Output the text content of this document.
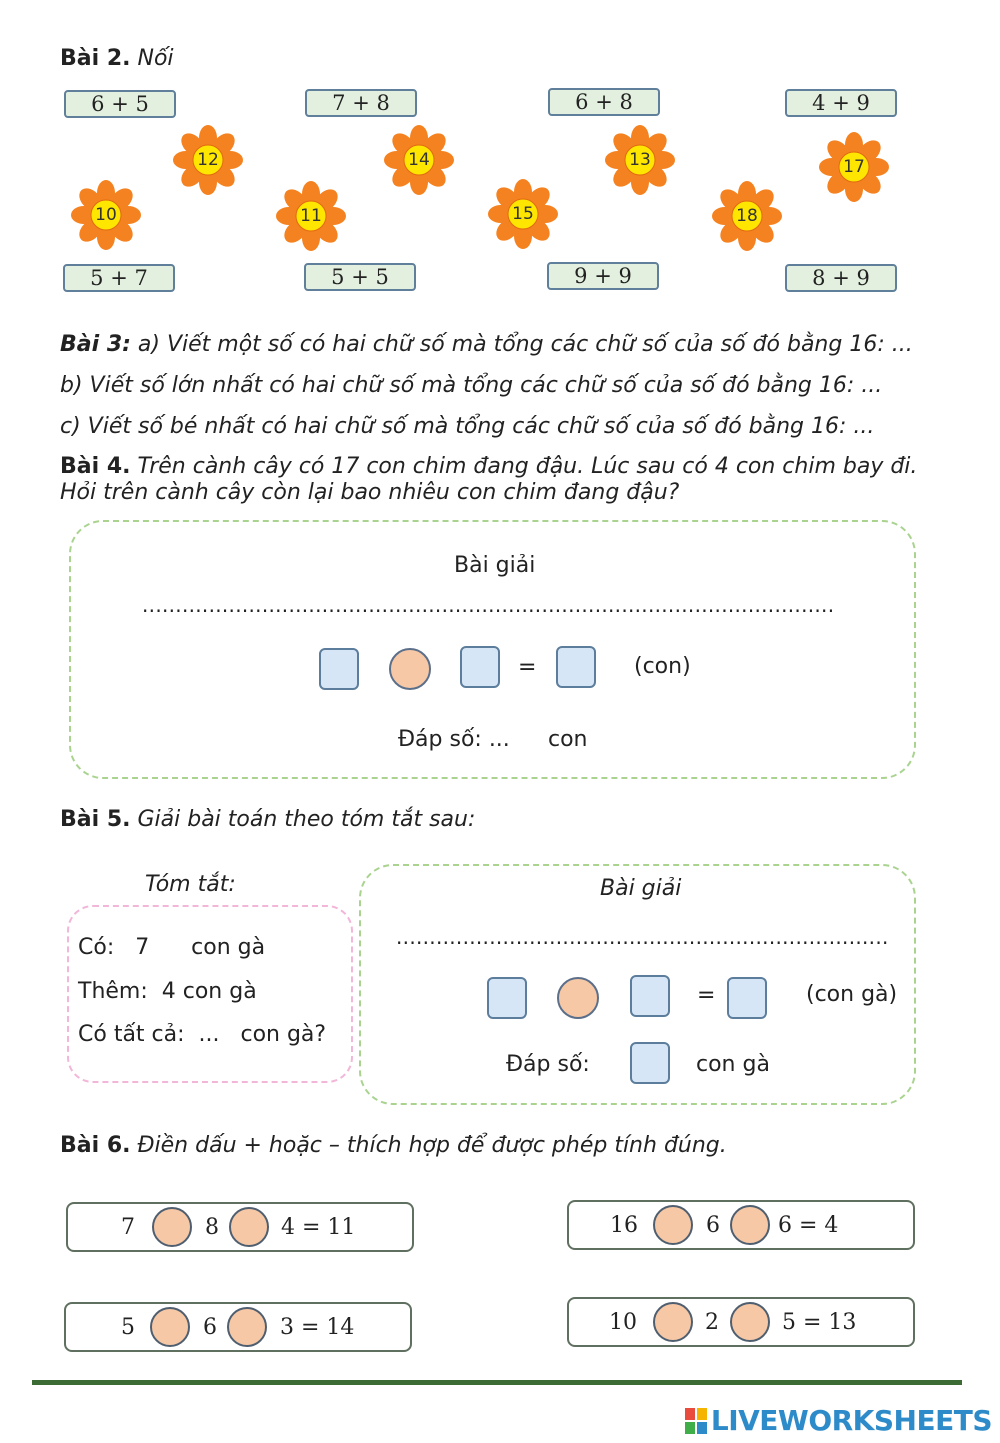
Bài 2. Nối
6 + 5	7 + 8	6 + 8	4 + 9
12	14	13	17
10	11	15	18
5 + 7	5 + 5	9 + 9	8 + 9
Bài 3: a) Viết một số có hai chữ số mà tổng các chữ số của số đó bằng 16: ...
b) Viết số lớn nhất có hai chữ số mà tổng các chữ số của số đó bằng 16: ...
c) Viết số bé nhất có hai chữ số mà tổng các chữ số của số đó bằng 16: ...
Bài 4. Trên cành cây có 17 con chim đang đậu. Lúc sau có 4 con chim bay đi.
Hỏi trên cành cây còn lại bao nhiêu con chim đang đậu?
Bài giải
........................................................................................................
=	(con)
Đáp số: ... con
Bài 5. Giải bài toán theo tóm tắt sau:
Tóm tắt:
Có:   7      con gà
Thêm:  4 con gà
Có tất cả:  ...   con gà?
Bài giải
..........................................................................
=	(con gà)
Đáp số:	con gà
Bài 6. Điền dấu + hoặc – thích hợp để được phép tính đúng.
7	8	4 = 11	16	6	6 = 4
5	6	3 = 14	10	2	5 = 13
LIVEWORKSHEETS
